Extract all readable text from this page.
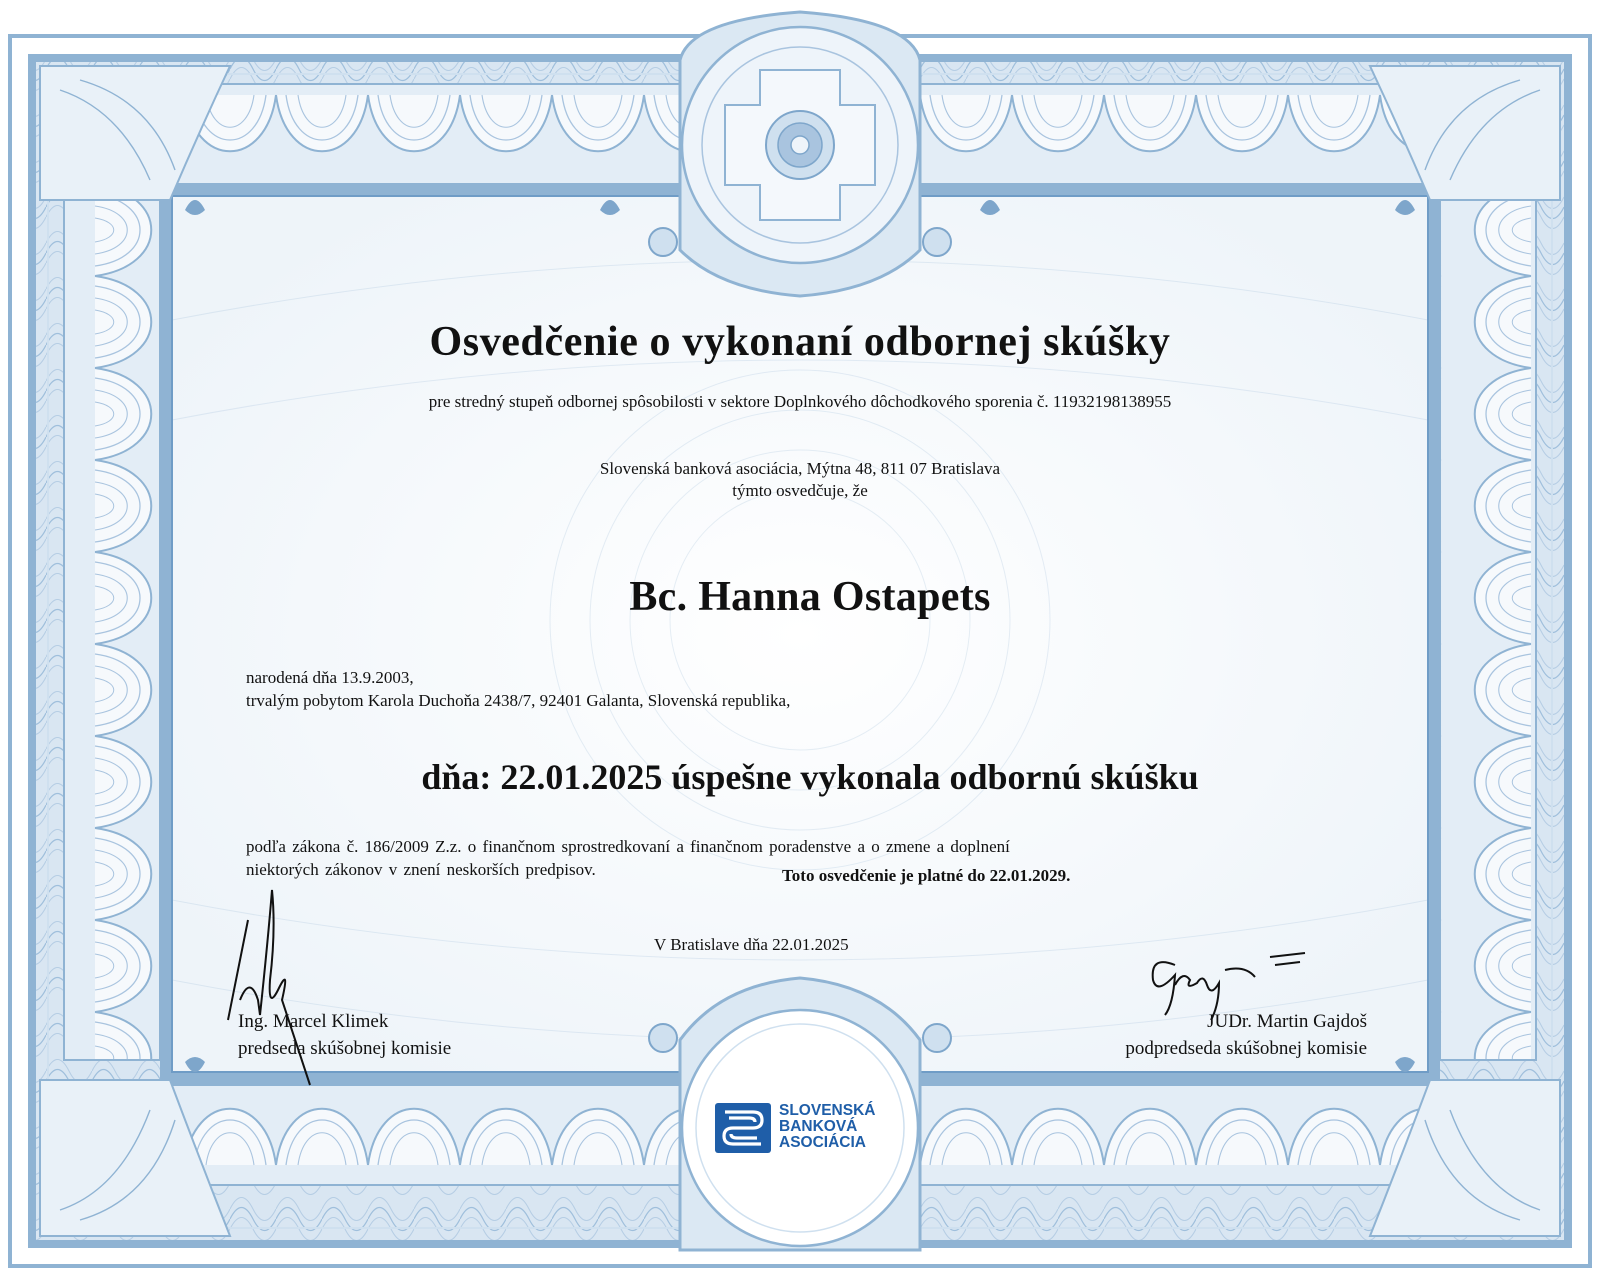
Osvedčenie o vykonaní odbornej skúšky
pre stredný stupeň odbornej spôsobilosti v sektore Doplnkového dôchodkového sporenia č. 11932198138955
Slovenská banková asociácia, Mýtna 48, 811 07 Bratislava
týmto osvedčuje, že
Bc. Hanna Ostapets
narodená dňa 13.9.2003,
trvalým pobytom Karola Duchoňa 2438/7, 92401 Galanta, Slovenská republika,
dňa: 22.01.2025 úspešne vykonala odbornú skúšku
podľa zákona č. 186/2009 Z.z. o finančnom sprostredkovaní a finančnom poradenstve a o zmene a doplnení
niektorých zákonov v znení neskorších predpisov.	Toto osvedčenie je platné do 22.01.2029.
V Bratislave dňa 22.01.2025
Ing. Marcel Klimek
predseda skúšobnej komisie
JUDr. Martin Gajdoš
podpredseda skúšobnej komisie
SLOVENSKÁ
BANKOVÁ
ASOCIÁCIA
